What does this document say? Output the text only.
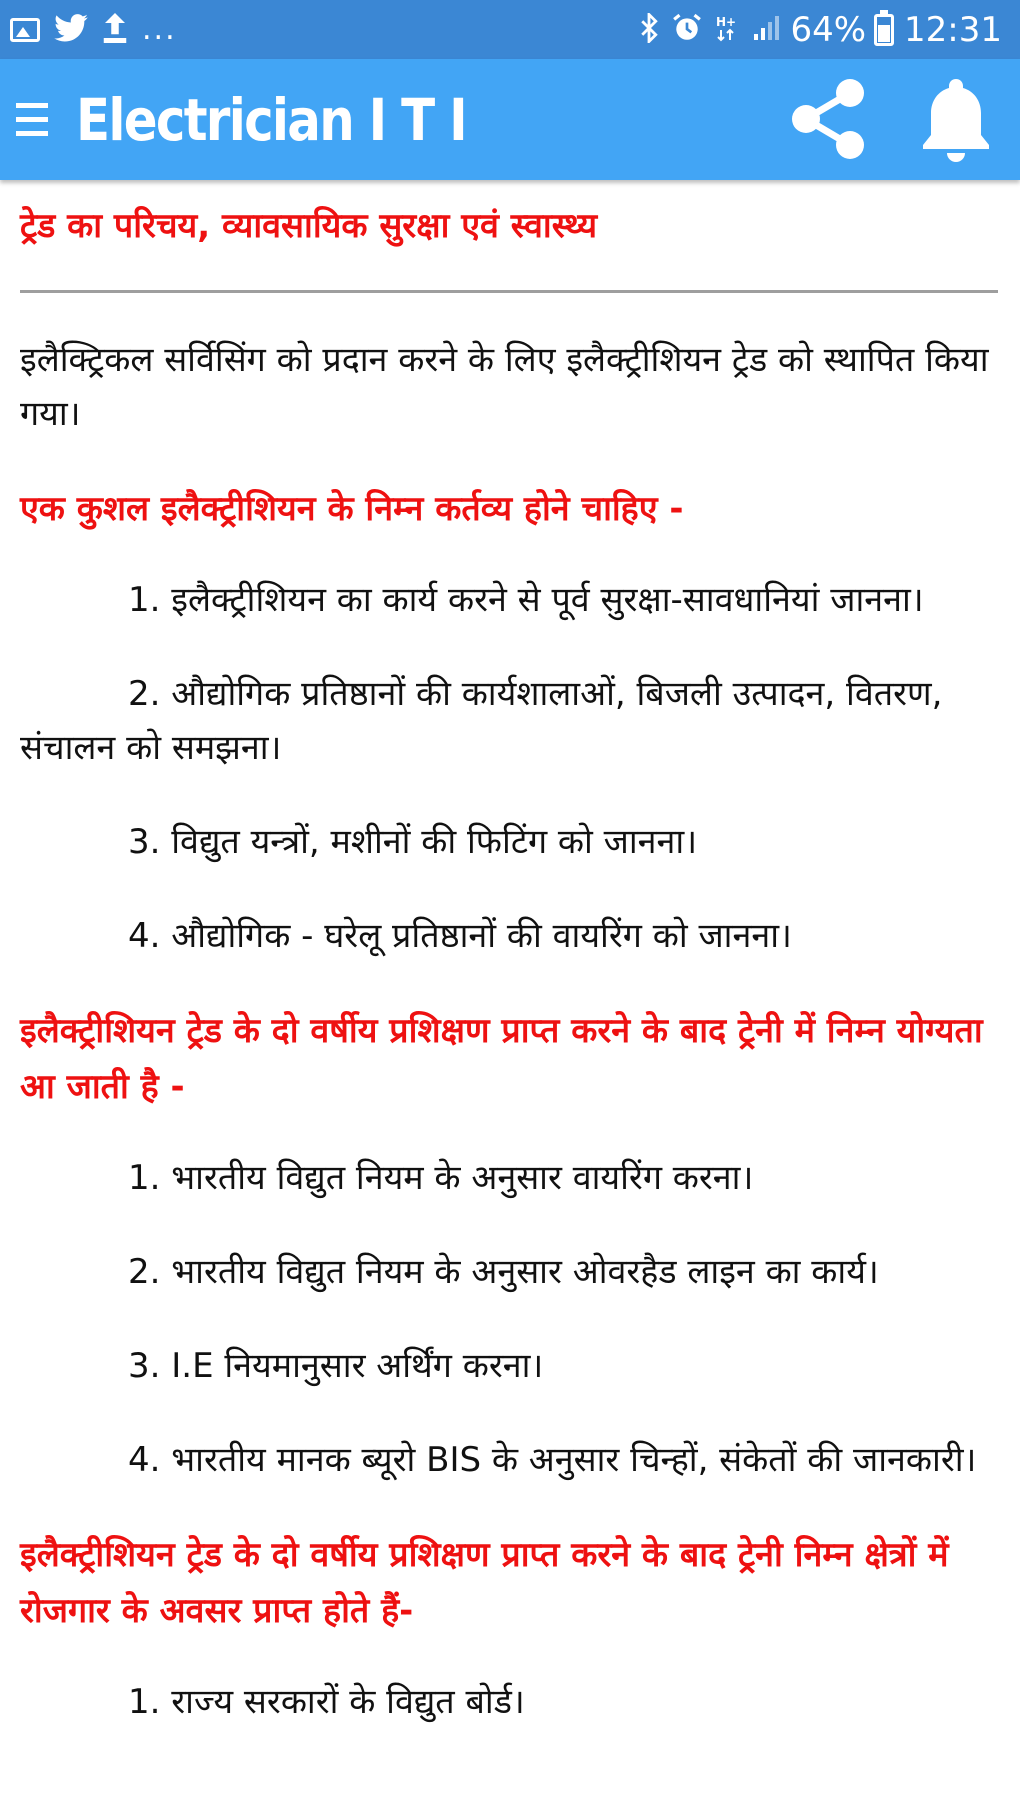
...	H+ 64% 12:31
Electrician I T I
ट्रेड का परिचय, व्यावसायिक सुरक्षा एवं स्वास्थ्य

इलैक्ट्रिकल सर्विसिंग को प्रदान करने के लिए इलैक्ट्रीशियन ट्रेड को स्थापित किया गया।

एक कुशल इलैक्ट्रीशियन के निम्न कर्तव्य होने चाहिए -

1. इलैक्ट्रीशियन का कार्य करने से पूर्व सुरक्षा-सावधानियां जानना।

2. औद्योगिक प्रतिष्ठानों की कार्यशालाओं, बिजली उत्पादन, वितरण, संचालन को समझना।

3. विद्युत यन्त्रों, मशीनों की फिटिंग को जानना।

4. औद्योगिक - घरेलू प्रतिष्ठानों की वायरिंग को जानना।

इलैक्ट्रीशियन ट्रेड के दो वर्षीय प्रशिक्षण प्राप्त करने के बाद ट्रेनी में निम्न योग्यता आ जाती है -

1. भारतीय विद्युत नियम के अनुसार वायरिंग करना।

2. भारतीय विद्युत नियम के अनुसार ओवरहैड लाइन का कार्य।

3. I.E नियमानुसार अर्थिंग करना।

4. भारतीय मानक ब्यूरो BIS के अनुसार चिन्हों, संकेतों की जानकारी।

इलैक्ट्रीशियन ट्रेड के दो वर्षीय प्रशिक्षण प्राप्त करने के बाद ट्रेनी निम्न क्षेत्रों में रोजगार के अवसर प्राप्त होते हैं-

1. राज्य सरकारों के विद्युत बोर्ड।
